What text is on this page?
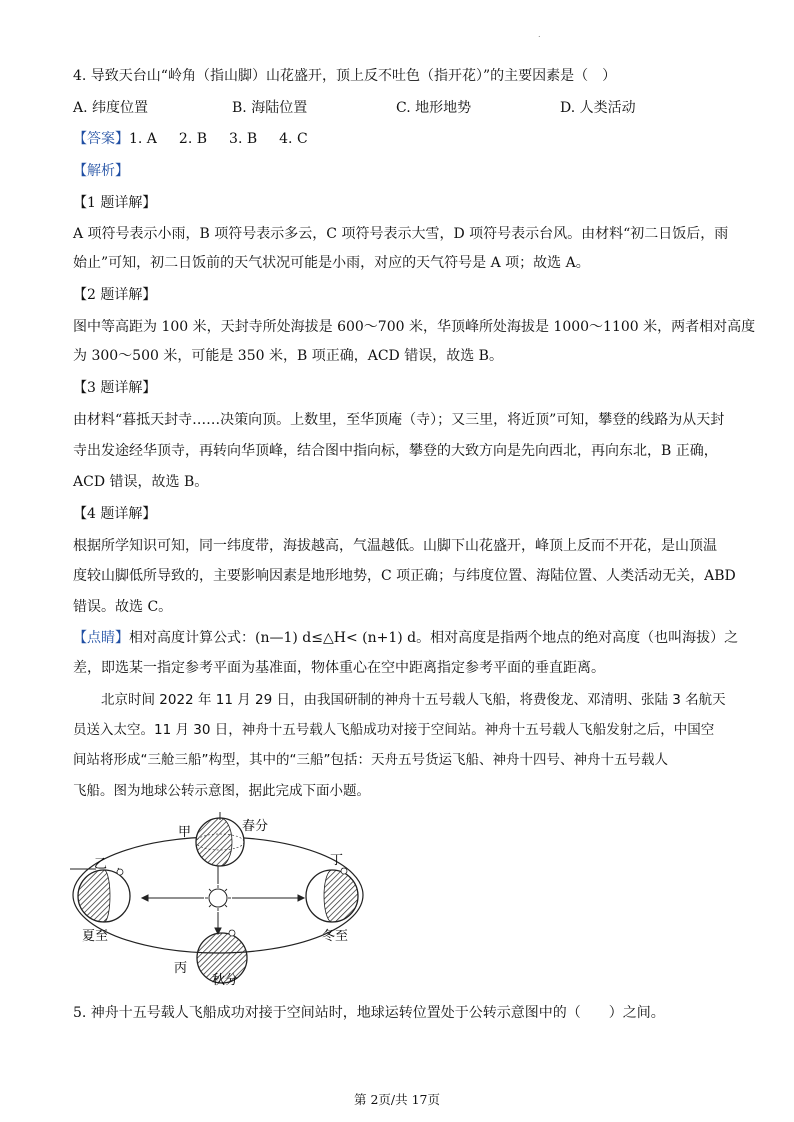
.
4. 导致天台山“岭角（指山脚）山花盛开，顶上反不吐色（指开花）”的主要因素是（　）
A. 纬度位置	B. 海陆位置	C. 地形地势	D. 人类活动
【答案】1. A 2. B 3. B 4. C
【解析】
【1 题详解】
A 项符号表示小雨，B 项符号表示多云，C 项符号表示大雪，D 项符号表示台风。由材料“初二日饭后，雨
始止”可知，初二日饭前的天气状况可能是小雨，对应的天气符号是 A 项；故选 A。
【2 题详解】
图中等高距为 100 米，天封寺所处海拔是 600～700 米，华顶峰所处海拔是 1000～1100 米，两者相对高度
为 300～500 米，可能是 350 米，B 项正确，ACD 错误，故选 B。
【3 题详解】
由材料“暮抵天封寺……决策向顶。上数里，至华顶庵（寺）；又三里，将近顶”可知，攀登的线路为从天封
寺出发途经华顶寺，再转向华顶峰，结合图中指向标，攀登的大致方向是先向西北，再向东北，B 正确，
ACD 错误，故选 B。
【4 题详解】
根据所学知识可知，同一纬度带，海拔越高，气温越低。山脚下山花盛开，峰顶上反而不开花，是山顶温
度较山脚低所导致的，主要影响因素是地形地势，C 项正确；与纬度位置、海陆位置、人类活动无关，ABD
错误。故选 C。
【点睛】相对高度计算公式：(n—1) d≤△H< (n+1) d。相对高度是指两个地点的绝对高度（也叫海拔）之
差，即选某一指定参考平面为基准面，物体重心在空中距离指定参考平面的垂直距离。
北京时间 2022 年 11 月 29 日，由我国研制的神舟十五号载人飞船，将费俊龙、邓清明、张陆 3 名航天
员送入太空。11 月 30 日，神舟十五号载人飞船成功对接于空间站。神舟十五号载人飞船发射之后，中国空
间站将形成“三舱三船”构型，其中的“三船”包括：天舟五号货运飞船、神舟十四号、神舟十五号载人
飞船。图为地球公转示意图，据此完成下面小题。
甲	春分
乙
夏至
丁
冬至
丙
秋分
5. 神舟十五号载人飞船成功对接于空间站时，地球运转位置处于公转示意图中的（　　）之间。
第 2页/共 17页
